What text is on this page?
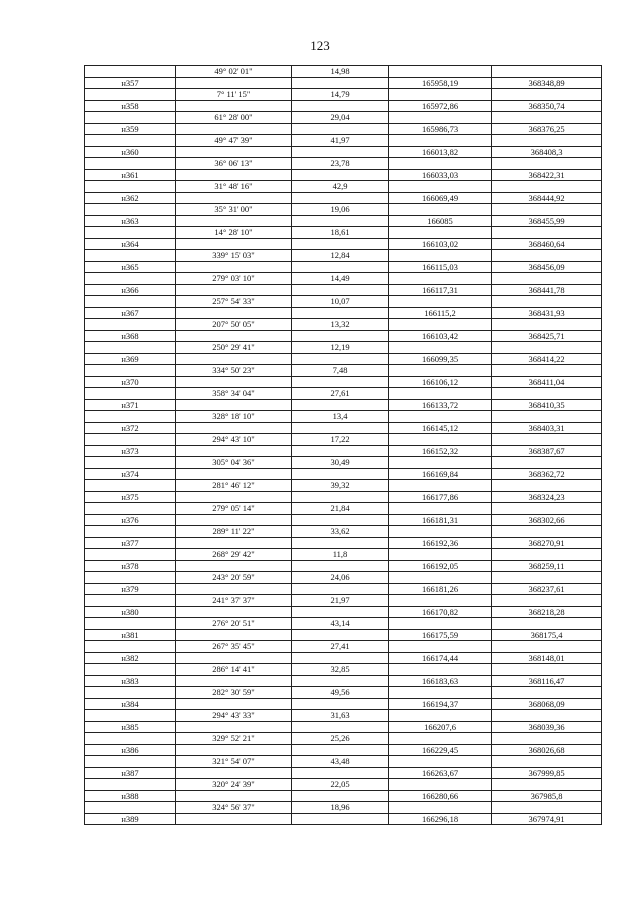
123
	49° 02' 01"	14,98		
н357			165958,19	368348,89
	7° 11' 15"	14,79		
н358			165972,86	368350,74
	61° 28' 00"	29,04		
н359			165986,73	368376,25
	49° 47' 39"	41,97		
н360			166013,82	368408,3
	36° 06' 13"	23,78		
н361			166033,03	368422,31
	31° 48' 16"	42,9		
н362			166069,49	368444,92
	35° 31' 00"	19,06		
н363			166085	368455,99
	14° 28' 10"	18,61		
н364			166103,02	368460,64
	339° 15' 03"	12,84		
н365			166115,03	368456,09
	279° 03' 10"	14,49		
н366			166117,31	368441,78
	257° 54' 33"	10,07		
н367			166115,2	368431,93
	207° 50' 05"	13,32		
н368			166103,42	368425,71
	250° 29' 41"	12,19		
н369			166099,35	368414,22
	334° 50' 23"	7,48		
н370			166106,12	368411,04
	358° 34' 04"	27,61		
н371			166133,72	368410,35
	328° 18' 10"	13,4		
н372			166145,12	368403,31
	294° 43' 10"	17,22		
н373			166152,32	368387,67
	305° 04' 36"	30,49		
н374			166169,84	368362,72
	281° 46' 12"	39,32		
н375			166177,86	368324,23
	279° 05' 14"	21,84		
н376			166181,31	368302,66
	289° 11' 22"	33,62		
н377			166192,36	368270,91
	268° 29' 42"	11,8		
н378			166192,05	368259,11
	243° 20' 59"	24,06		
н379			166181,26	368237,61
	241° 37' 37"	21,97		
н380			166170,82	368218,28
	276° 20' 51"	43,14		
н381			166175,59	368175,4
	267° 35' 45"	27,41		
н382			166174,44	368148,01
	286° 14' 41"	32,85		
н383			166183,63	368116,47
	282° 30' 59"	49,56		
н384			166194,37	368068,09
	294° 43' 33"	31,63		
н385			166207,6	368039,36
	329° 52' 21"	25,26		
н386			166229,45	368026,68
	321° 54' 07"	43,48		
н387			166263,67	367999,85
	320° 24' 39"	22,05		
н388			166280,66	367985,8
	324° 56' 37"	18,96		
н389			166296,18	367974,91
